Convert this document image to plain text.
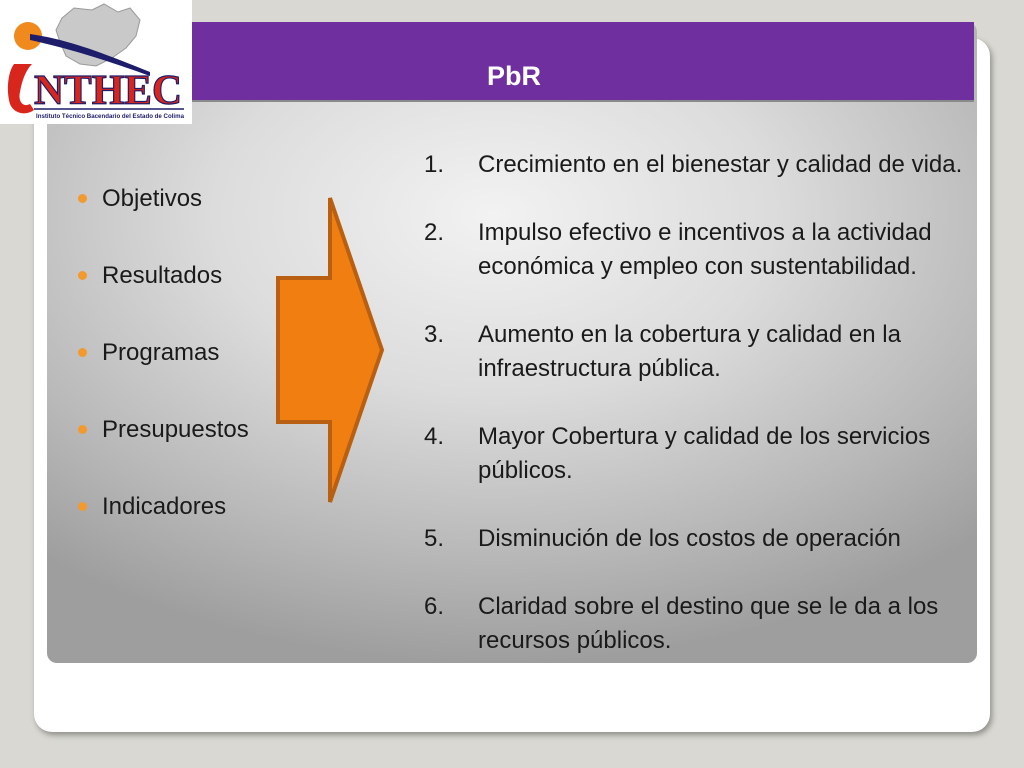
PbR
NTHEC
Instituto Técnico Bacendario del Estado de Colima
Objetivos
Resultados
Programas
Presupuestos
Indicadores
1. Crecimiento en el bienestar y calidad de vida.
2. Impulso efectivo e incentivos a la actividad económica y empleo con sustentabilidad.
3. Aumento en la cobertura y calidad en la infraestructura pública.
4. Mayor Cobertura y calidad de los servicios públicos.
5. Disminución de los costos de operación
6. Claridad sobre el destino que se le da a los recursos públicos.
